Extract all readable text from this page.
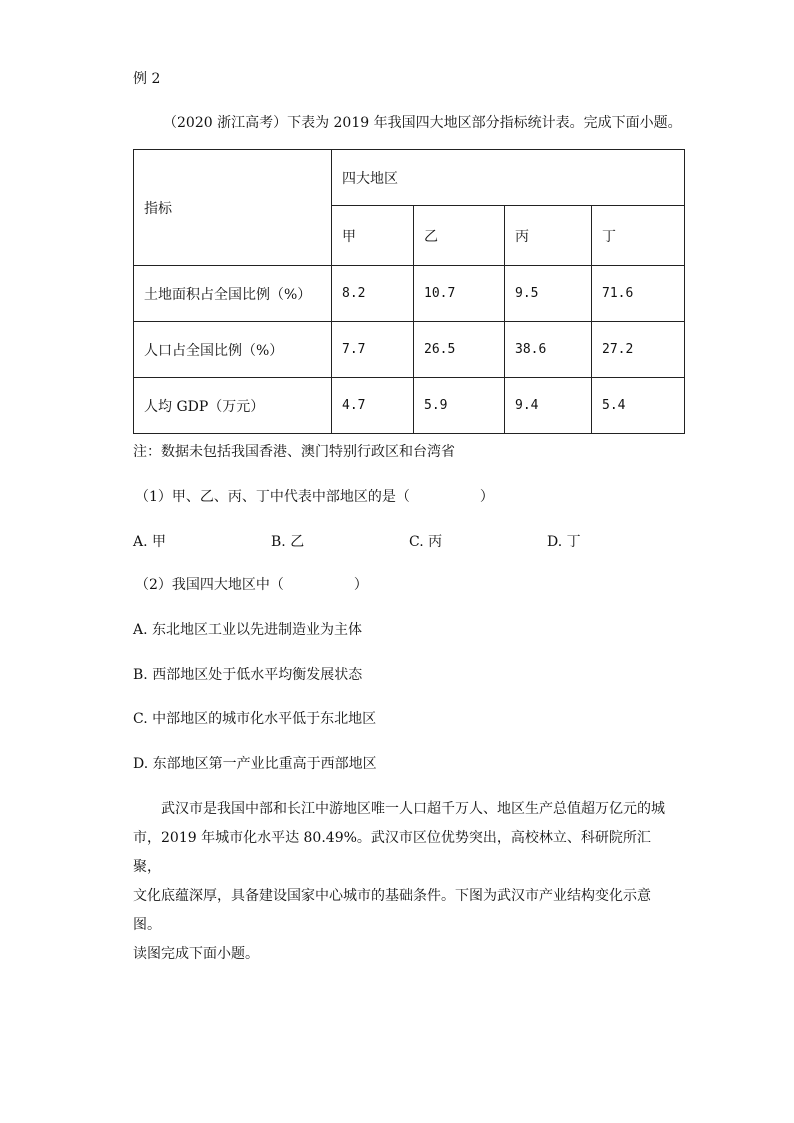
例 2
（2020 浙江高考）下表为 2019 年我国四大地区部分指标统计表。完成下面小题。
指标	四大地区			
	甲	乙	丙	丁
土地面积占全国比例（%）	8.2	10.7	9.5	71.6
人口占全国比例（%）	7.7	26.5	38.6	27.2
人均 GDP（万元）	4.7	5.9	9.4	5.4
注：数据未包括我国香港、澳门特别行政区和台湾省
（1）甲、乙、丙、丁中代表中部地区的是（　　　　　）
A. 甲	B. 乙	C. 丙	D. 丁
（2）我国四大地区中（　　　　　）
A. 东北地区工业以先进制造业为主体
B. 西部地区处于低水平均衡发展状态
C. 中部地区的城市化水平低于东北地区
D. 东部地区第一产业比重高于西部地区

武汉市是我国中部和长江中游地区唯一人口超千万人、地区生产总值超万亿元的城

市，2019 年城市化水平达 80.49%。武汉市区位优势突出，高校林立、科研院所汇聚，

文化底蕴深厚，具备建设国家中心城市的基础条件。下图为武汉市产业结构变化示意图。

读图完成下面小题。
